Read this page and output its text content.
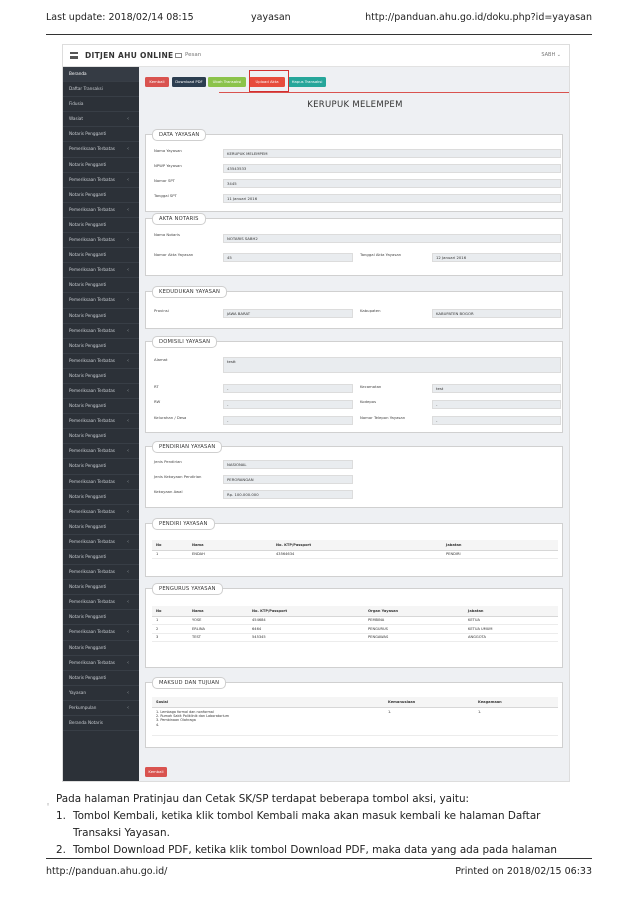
Last update: 2018/02/14 08:15	yayasan	http://panduan.ahu.go.id/doku.php?id=yayasan
DITJEN AHU ONLINE Pesan	SABH ⌄
Beranda
Daftar Transaksi
Fidusia
Wasiat	‹
Notaris Pengganti
Pemeriksaan Terbatas ‹
Notaris Pengganti
Pemeriksaan Terbatas ‹
Notaris Pengganti
Pemeriksaan Terbatas ‹
Notaris Pengganti
Pemeriksaan Terbatas ‹
Notaris Pengganti
Pemeriksaan Terbatas ‹
Notaris Pengganti
Pemeriksaan Terbatas ‹
Notaris Pengganti
Pemeriksaan Terbatas ‹
Notaris Pengganti
Pemeriksaan Terbatas ‹
Notaris Pengganti
Pemeriksaan Terbatas ‹
Notaris Pengganti
Pemeriksaan Terbatas ‹
Notaris Pengganti
Pemeriksaan Terbatas ‹
Notaris Pengganti
Pemeriksaan Terbatas ‹
Notaris Pengganti
Pemeriksaan Terbatas ‹
Notaris Pengganti
Pemeriksaan Terbatas ‹
Notaris Pengganti
Pemeriksaan Terbatas ‹
Notaris Pengganti
Pemeriksaan Terbatas ‹
Notaris Pengganti
Pemeriksaan Terbatas ‹
Notaris Pengganti
Pemeriksaan Terbatas ‹
Notaris Pengganti
Yayasan	‹
Perkumpulan	‹
Beranda Notaris
Kembali	Download PDF	Ubah Transaksi	Upload Akta	Hapus Transaksi
KERUPUK MELEMPEM
DATA YAYASAN
Nama Yayasan
KERUPUK MELEMPEM
NPWP Yayasan
43543533
Nomor SPT
3445
Tanggal SPT
11 Januari 2016
AKTA NOTARIS
Nama Notaris
NOTARIS SABH2
Nomor Akta Yayasan
45
Tanggal Akta Yayasan
12 Januari 2016
KEDUDUKAN YAYASAN
Provinsi
JAWA BARAT
Kabupaten
KABUPATEN BOGOR
DOMISILI YAYASAN
Alamat	testt
RT	-	Kecamatan	test
RW
-
Kodepos
-
Kelurahan / Desa
-
Nomor Telepon Yayasan
-
PENDIRIAN YAYASAN
Jenis Pendirian
NASIONAL
Jenis Kekayaan Pendirian
PERORANGAN
Kekayaan Awal
Rp. 100.000.000
PENDIRI YAYASAN
No	Nama	No. KTP/Passport	Jabatan
1	ENDAH	43564634	PENDIRI
PENGURUS YAYASAN
No	Nama	No. KTP/Passport	Organ Yayasan	Jabatan
1	YOSE	454684	PEMBINA	KETUA
2	ERLINA	6464	PENGURUS	KETUA UMUM
3	TEST	545345	PENGAWAS	ANGGOTA
MAKSUD DAN TUJUAN
Sosial	Kemanusiaan	Keagamaan

1. Lembaga formal dan nonformal
2. Rumah Sakit Poliklinik dan Laboratorium
3. Pembinaan Olahraga
4.	1.	1.
Kembali
◦ Pada halaman Pratinjau dan Cetak SK/SP terdapat beberapa tombol aksi, yaitu:
1. Tombol Kembali, ketika klik tombol Kembali maka akan masuk kembali ke halaman Daftar
Transaksi Yayasan.
2. Tombol Download PDF, ketika klik tombol Download PDF, maka data yang ada pada halaman
http://panduan.ahu.go.id/	Printed on 2018/02/15 06:33
